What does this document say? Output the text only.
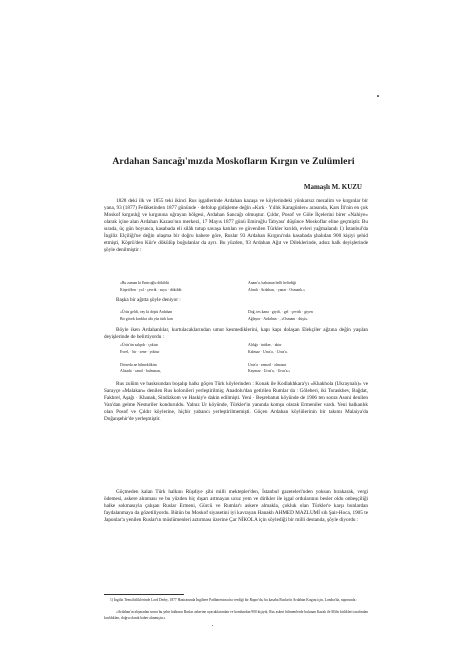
Ardahan Sancağı'mızda Moskofların Kırgın ve Zulümleri
Mamaşlı M. KUZU

1828 deki ilk ve 1855 teki ikinci Rus işgallerinde Ardahan kazaşa ve köylerindeki yönkarsız mezalim ve kırgınlar bir yana, 93 (1877) Felâketinden 1877 gününde · defolup gidişleme değin «Kırk · Yıllık Karagünler» arasında, Kars İli'nin en çok Moskof kırgınlığ ve kırgınına uğrayan bölgesi, Ardahan Sancağı olmuştur. Çıldır, Posof ve Göle İlçelerini birer «Nahiye» olarak içine alan Ardahan Kazası'nın merkezi, 17 Mayıs 1877 günü Emiroğlu Tabyası' düşünce Moskoflar eline geçmiştir. Bu sırada, üç gün boyunca, kasabada eli silâh tutup savaşa katılan ve güvenilen Türkler kırıldı, evleri yağmalandı 1) İstanbul'da İngiliz Elçiliği'ne değin ulaşma bir doğru habere göre, Ruslar 93 Ardahan Kırgını'nda kasabada şhalıdan 900 kişiyi şehid etmişti, Köprü'den Kür'e dökülüp boğulanlar da ayrı. Bu yüzden, 93 Ardahan Ağıt ve Dileklerinde, adsız halk deyişlerinde şöyle denilmiştir :

«Bu zaman ki Emiroğlu dökildü
Köprü'den · yol · çevrik · suya · dökildü
Anam'a, babamın belli belirdiği
Alındı · Ardahan, · yanar · Osmanlı.»

Başka bir ağıtta şöyle deniyor :

«Ürüs geldi, vay ki döştü Ardahan
Bir göcek kırdılar altı yüz türk kan
Doğ, tes kana · giydi, · gel · çevrik · giyen
Ağlayor · Ardahan · , «Osmanı · düşü»

Böyle iken Ardahanlılar, kurtulacaklarından umut kesmediklerini, kapı kapı dolaşan Elekçiler ağzına değin yaşılan deyişlerinde de belirtiyordu :

«Ürüs'ün zalıpdı · çoktur
Evrel, · bir · sene · yoktur

Dörseda ne bilmeklikim
Alisada · canal · bulmasın,
Aldığı · intiker, · aktır
Kalmaz · Urus'a, · Urus'a.

Urus'a · zemzil · olmasın
Kaymaz · Urus'a, · Urus'a.»

Rus zulüm ve baskısından boşalıp halkı göçen Türk köylerinden : Konak ile Kodlakhkara'yı «Khakhola (Ukraynalı)» ve Sarayçe «Malakan» denilen Rus kolonileri yerleştirilmiş; Anadolu'dan getirilen Rumlar da : Göleberi, iki Toraskhev, Bağdat, Fakhrel, Aşağı · Khanak, Sindizkom ve Haskiy'e dakin edilmişti. Yeni · Beşrebatun köyünde de 1906 ten sonra Asoni denilen Van'dan gelme Nesturiler konduruldu. Yalnız Ur köyünde, Türkler'in yanında komşu olarak Ermeniler vardı. Yeni balkanlık olan Posof ve Çıldır köylerine, hiçbir yabancı yerleştirilmemişti. Göçen Ardahan köylülerinin bir takımı Malaiya'da Doğanşehir'de yerleşmiştir.

Göçmeden kalan Türk halkını Rüşdiye şibi milli mektepler'den, İstanbul gazeteleri'nden yoksun bırakarak, vergi ödemesi, askere alınması ve bu yüzden hiç dışarı artmayan ucuz yem ve dirikler ile işgal ordularının besler oldu onbeşçiliği halke sokmasıyla çalışan Ruslar Ermeni, Gürcü ve Rumlar'ı askere almakla, çokluk olan Türkler'e karşı bunlardan faydalanmaya da gözetiliyordu. Bütün bu Moskof siyasetini iyi kavrayan Hanakh AHMED MAZLUMİ sih Şair-Hoca, 1905 te Japonlar'a yenilen Ruslar'ın müslümenleri aztırması üzerine Çar NİKOLA için söylediği bir milli destanda, şöyle diyordu :

1) İngiliz Temsilciliklerinde Lord Derby, 1877 Haziranında İngiltere Parlâmentosu'na verdiği bir Rapor'da, bu kasaba Ruslar'ın Ardahan Kırgını için, Londra'da, raporunda :

«Ardahan'ın alışmadan sonra bu şehir halkının Ruslar askerine uyacaklarından ve bombardan 900 kişiydı, Rus askeri bilmemlerde bulunan Kazak ile Milis birlikleri tarafından kırıldıkları, doğru olarak haber alınmıştır.»
